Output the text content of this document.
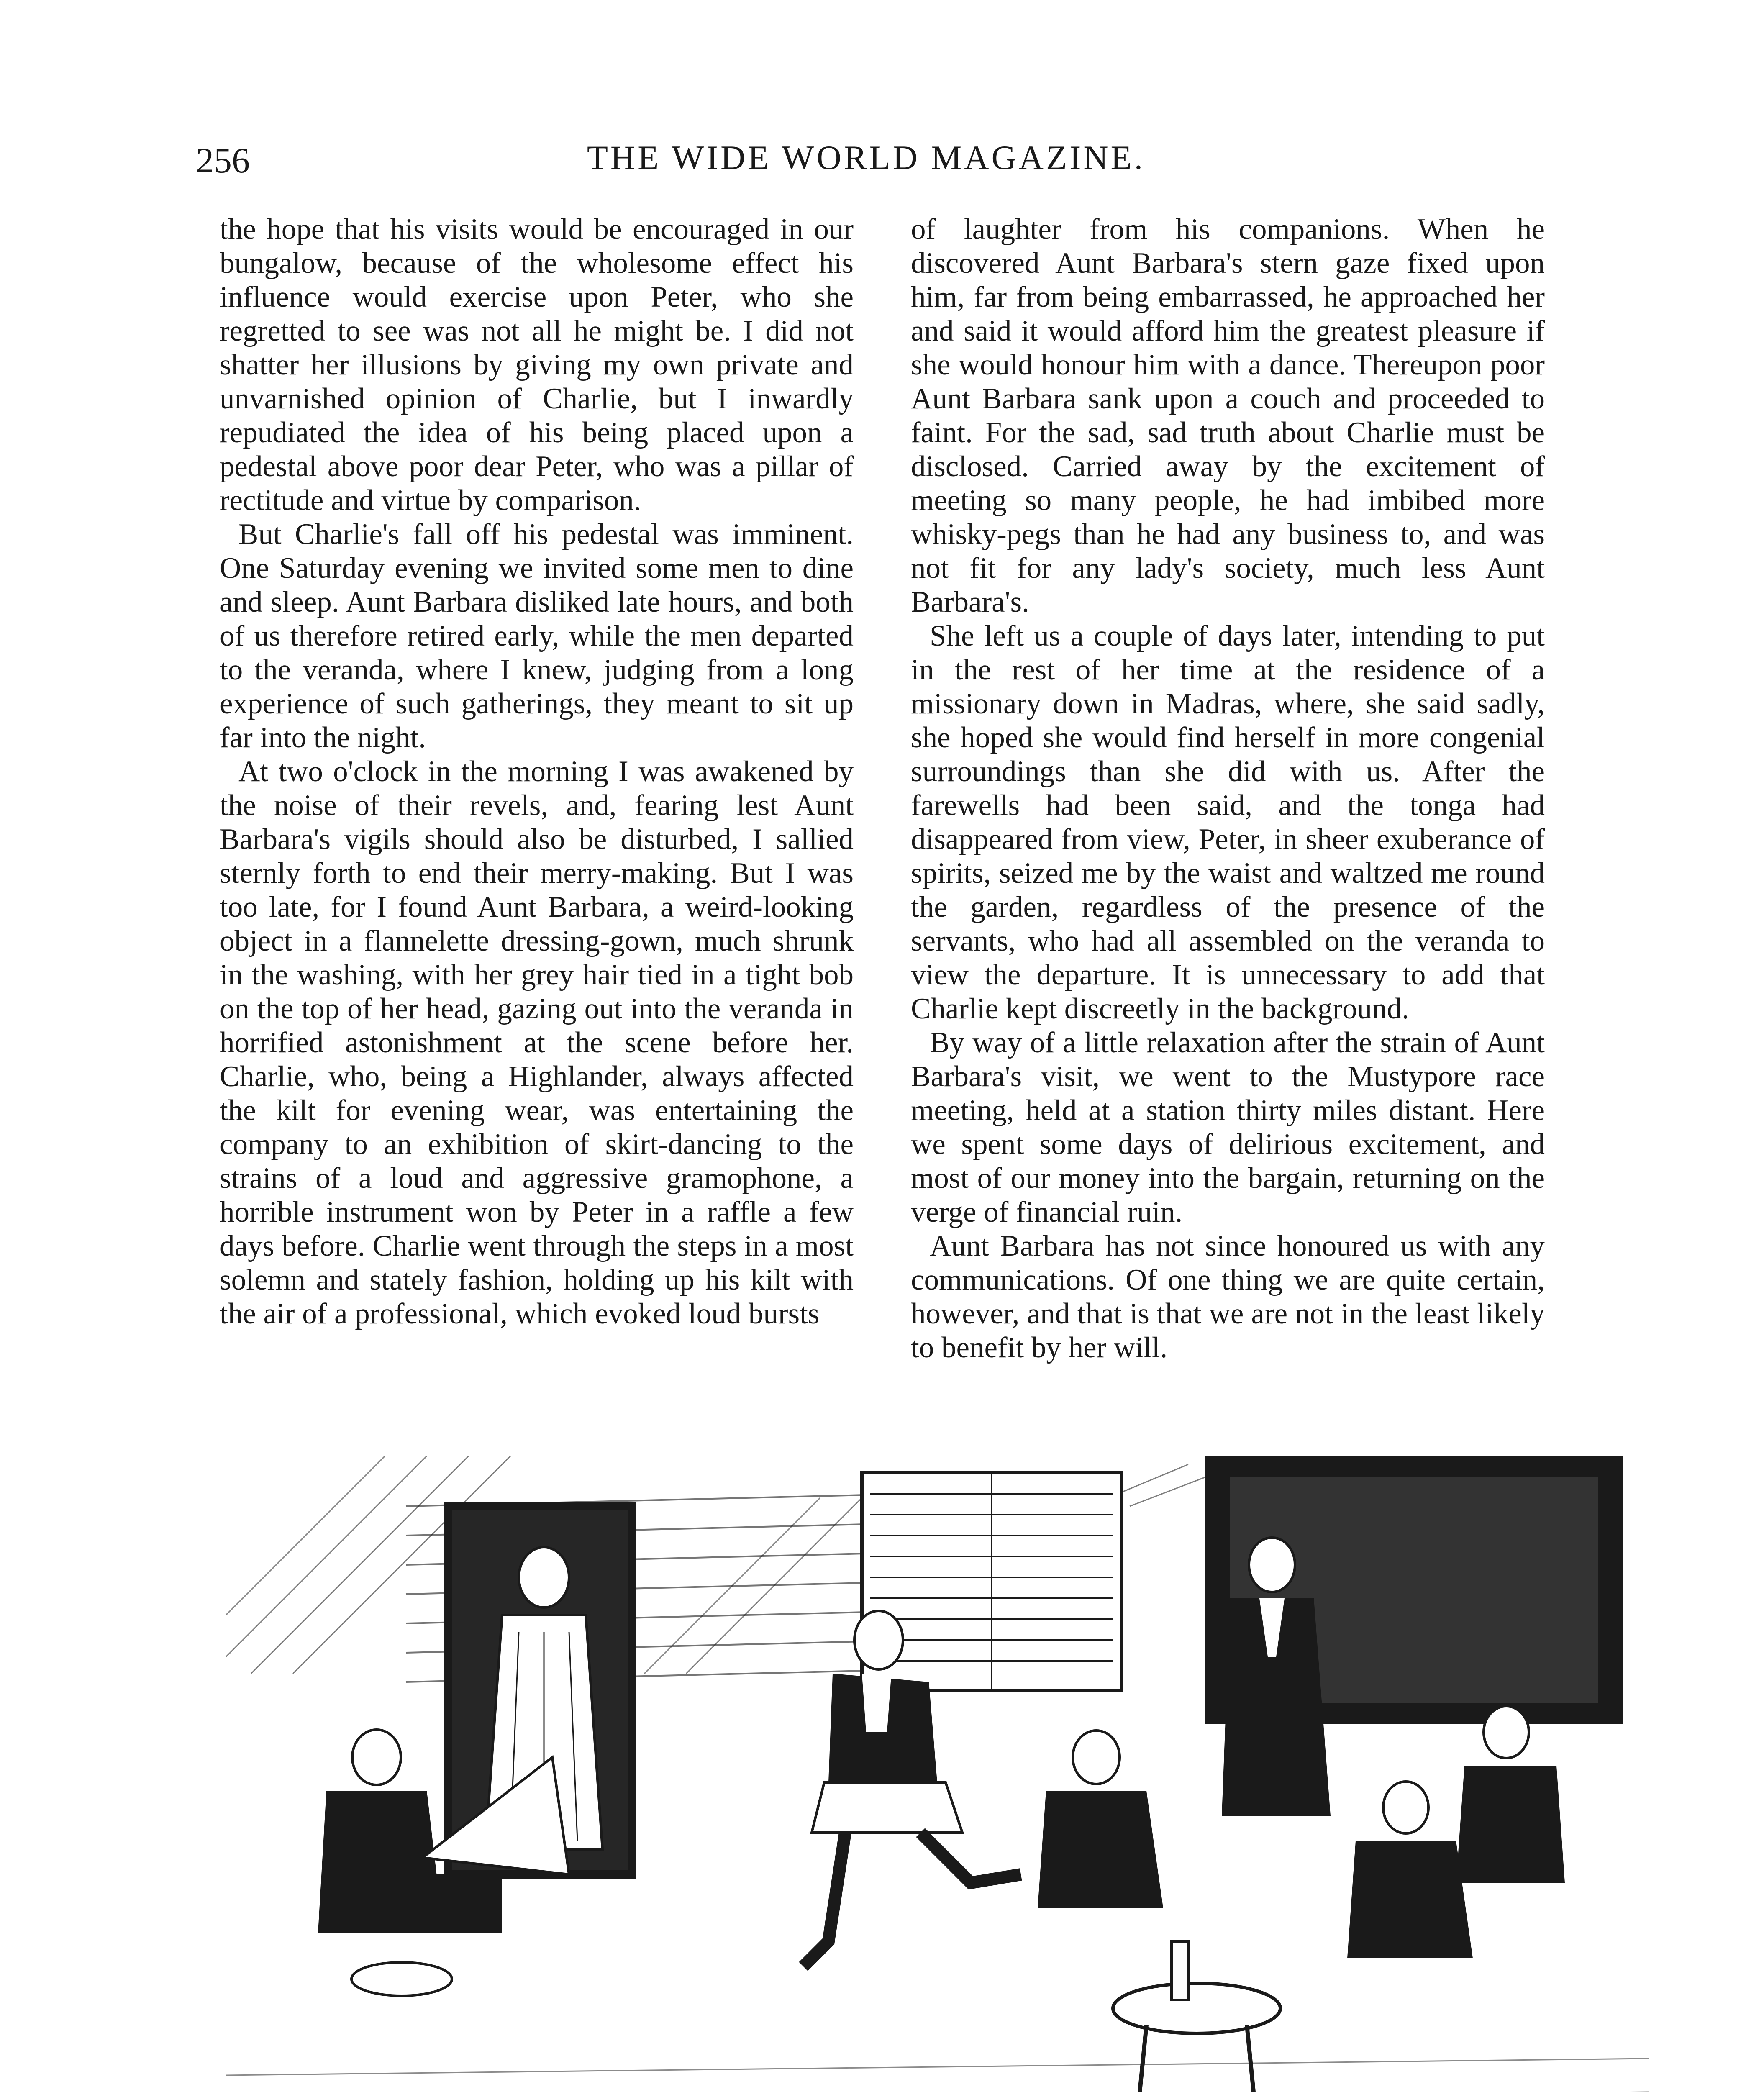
256	THE WIDE WORLD MAGAZINE.

the hope that his visits would be encouraged in our bungalow, because of the wholesome effect his influence would exercise upon Peter, who she regretted to see was not all he might be. I did not shatter her illusions by giving my own private and unvarnished opinion of Charlie, but I inwardly repudiated the idea of his being placed upon a pedestal above poor dear Peter, who was a pillar of rectitude and virtue by comparison.

But Charlie's fall off his pedestal was imminent. One Saturday evening we invited some men to dine and sleep. Aunt Barbara disliked late hours, and both of us therefore retired early, while the men departed to the veranda, where I knew, judging from a long experience of such gatherings, they meant to sit up far into the night.

At two o'clock in the morning I was awakened by the noise of their revels, and, fearing lest Aunt Barbara's vigils should also be disturbed, I sallied sternly forth to end their merry-making. But I was too late, for I found Aunt Barbara, a weird-looking object in a flannelette dressing-gown, much shrunk in the washing, with her grey hair tied in a tight bob on the top of her head, gazing out into the veranda in horrified astonishment at the scene before her. Charlie, who, being a Highlander, always affected the kilt for evening wear, was entertaining the company to an exhibition of skirt-dancing to the strains of a loud and aggressive gramophone, a horrible instrument won by Peter in a raffle a few days before. Charlie went through the steps in a most solemn and stately fashion, holding up his kilt with the air of a professional, which evoked loud bursts

of laughter from his companions. When he discovered Aunt Barbara's stern gaze fixed upon him, far from being embarrassed, he approached her and said it would afford him the greatest pleasure if she would honour him with a dance. Thereupon poor Aunt Barbara sank upon a couch and proceeded to faint. For the sad, sad truth about Charlie must be disclosed. Carried away by the excitement of meeting so many people, he had imbibed more whisky-pegs than he had any business to, and was not fit for any lady's society, much less Aunt Barbara's.

She left us a couple of days later, intending to put in the rest of her time at the residence of a missionary down in Madras, where, she said sadly, she hoped she would find herself in more congenial surroundings than she did with us. After the farewells had been said, and the tonga had disappeared from view, Peter, in sheer exuberance of spirits, seized me by the waist and waltzed me round the garden, regardless of the presence of the servants, who had all assembled on the veranda to view the departure. It is unnecessary to add that Charlie kept discreetly in the background.

By way of a little relaxation after the strain of Aunt Barbara's visit, we went to the Mustypore race meeting, held at a station thirty miles distant. Here we spent some days of delirious excitement, and most of our money into the bargain, returning on the verge of financial ruin.

Aunt Barbara has not since honoured us with any communications. Of one thing we are quite certain, however, and that is that we are not in the least likely to benefit by her will.
